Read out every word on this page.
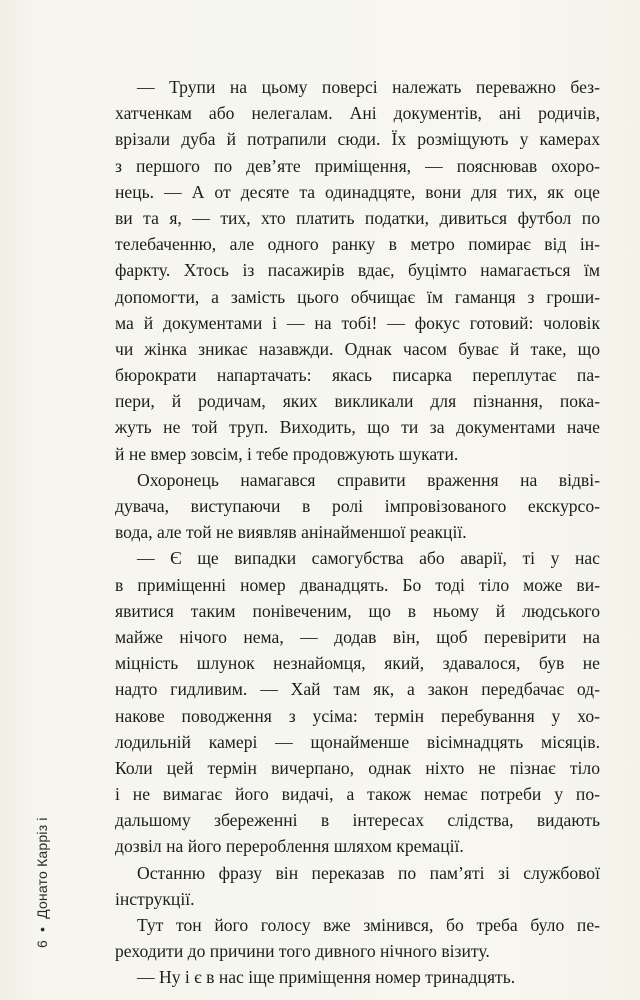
— Трупи на цьому поверсі належать переважно без-
хатченкам або нелегалам. Ані документів, ані родичів,
врізали дуба й потрапили сюди. Їх розміщують у камерах
з першого по дев’яте приміщення, — пояснював охоро-
нець. — А от десяте та одинадцяте, вони для тих, як оце
ви та я, — тих, хто платить податки, дивиться футбол по
телебаченню, але одного ранку в метро помирає від ін-
фаркту. Хтось із пасажирів вдає, буцімто намагається їм
допомогти, а замість цього обчищає їм гаманця з гроши-
ма й документами і — на тобі! — фокус готовий: чоловік
чи жінка зникає назавжди. Однак часом буває й таке, що
бюрократи напартачать: якась писарка переплутає па-
пери, й родичам, яких викликали для пізнання, пока-
жуть не той труп. Виходить, що ти за документами наче
й не вмер зовсім, і тебе продовжують шукати.
Охоронець намагався справити враження на відві-
дувача, виступаючи в ролі імпровізованого екскурсо-
вода, але той не виявляв анінайменшої реакції.
— Є ще випадки самогубства або аварії, ті у нас
в приміщенні номер дванадцять. Бо тоді тіло може ви-
явитися таким понівеченим, що в ньому й людського
майже нічого нема, — додав він, щоб перевірити на
міцність шлунок незнайомця, який, здавалося, був не
надто гидливим. — Хай там як, а закон передбачає од-
накове поводження з усіма: термін перебування у хо-
лодильній камері — щонайменше вісімнадцять місяців.
Коли цей термін вичерпано, однак ніхто не пізнає тіло
і не вимагає його видачі, а також немає потреби у по-
дальшому збереженні в інтересах слідства, видають
дозвіл на його перероблення шляхом кремації.
Останню фразу він переказав по пам’яті зі службової
інструкції.
Тут тон його голосу вже змінився, бо треба було пе-
реходити до причини того дивного нічного візиту.
— Ну і є в нас іще приміщення номер тринадцять.
6•Донато Карріз і
